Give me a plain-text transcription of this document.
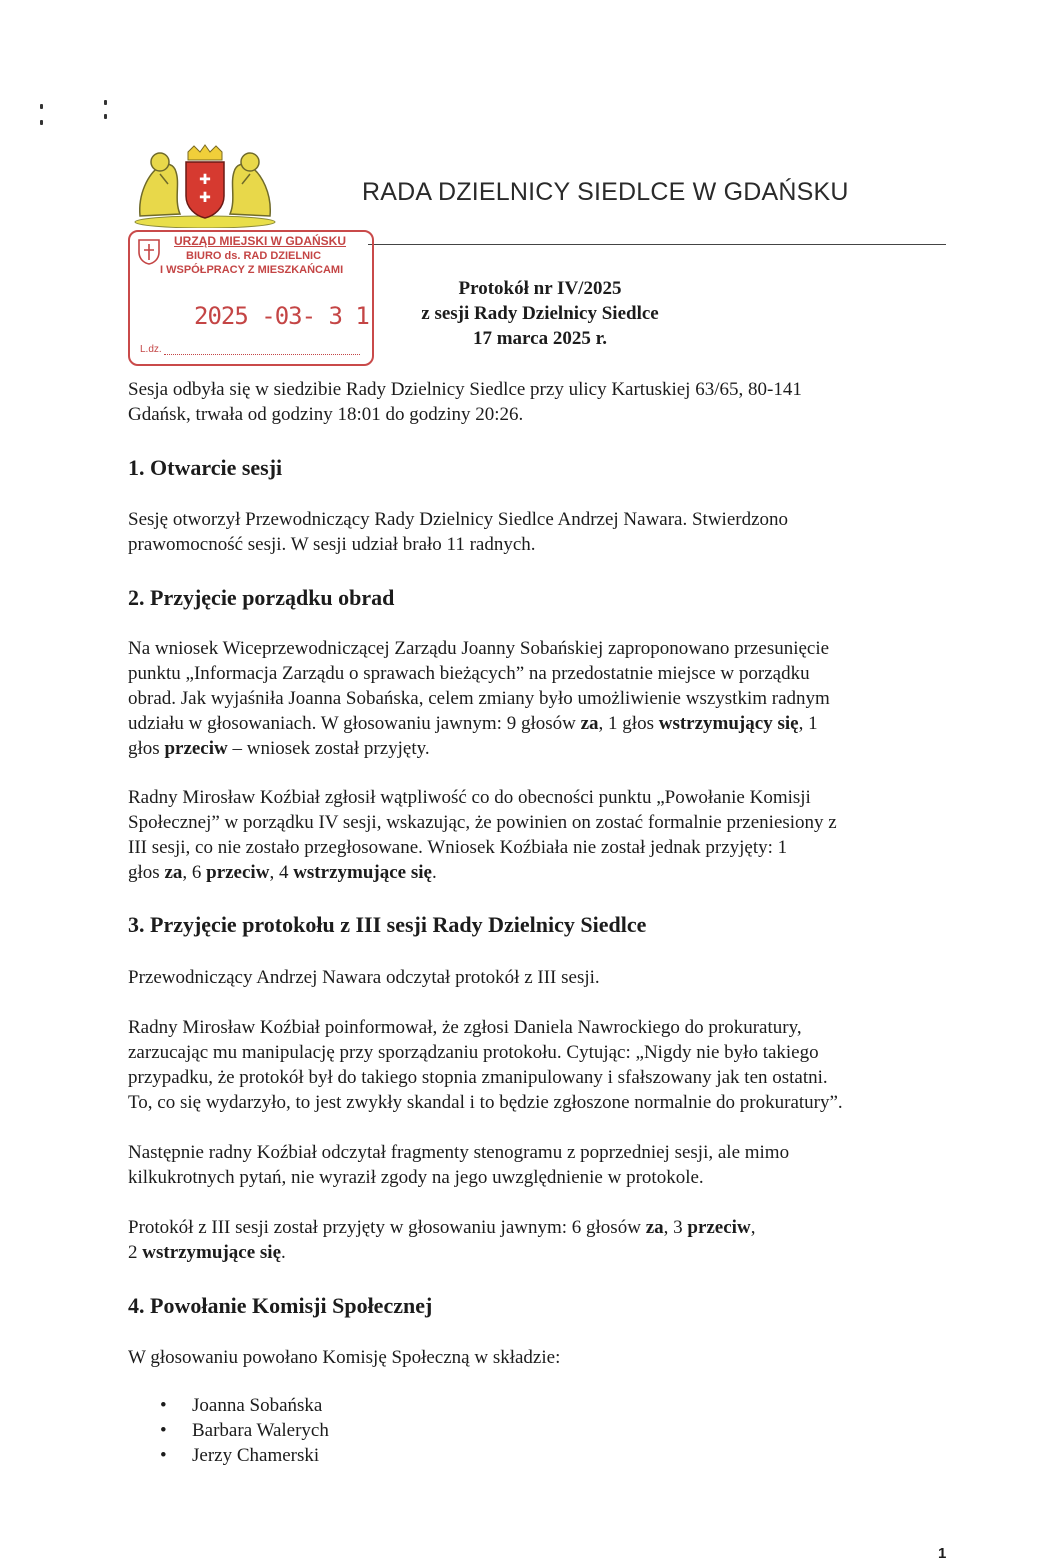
✚
✚	RADA DZIELNICY SIEDLCE W GDAŃSKU
URZĄD MIEJSKI W GDAŃSKU
BIURO ds. RAD DZIELNIC
I WSPÓŁPRACY Z MIESZKAŃCAMI
2025 -03- 3 1
L.dz.
Protokół nr IV/2025
z sesji Rady Dzielnicy Siedlce
17 marca 2025 r.
Sesja odbyła się w siedzibie Rady Dzielnicy Siedlce przy ulicy Kartuskiej 63/65, 80-141
Gdańsk, trwała od godziny 18:01 do godziny 20:26.
1. Otwarcie sesji
Sesję otworzył Przewodniczący Rady Dzielnicy Siedlce Andrzej Nawara. Stwierdzono
prawomocność sesji. W sesji udział brało 11 radnych.
2. Przyjęcie porządku obrad
Na wniosek Wiceprzewodniczącej Zarządu Joanny Sobańskiej zaproponowano przesunięcie
punktu „Informacja Zarządu o sprawach bieżących” na przedostatnie miejsce w porządku
obrad. Jak wyjaśniła Joanna Sobańska, celem zmiany było umożliwienie wszystkim radnym
udziału w głosowaniach. W głosowaniu jawnym: 9 głosów za, 1 głos wstrzymujący się, 1
głos przeciw – wniosek został przyjęty.
Radny Mirosław Koźbiał zgłosił wątpliwość co do obecności punktu „Powołanie Komisji
Społecznej” w porządku IV sesji, wskazując, że powinien on zostać formalnie przeniesiony z
III sesji, co nie zostało przegłosowane. Wniosek Koźbiała nie został jednak przyjęty: 1
głos za, 6 przeciw, 4 wstrzymujące się.
3. Przyjęcie protokołu z III sesji Rady Dzielnicy Siedlce
Przewodniczący Andrzej Nawara odczytał protokół z III sesji.
Radny Mirosław Koźbiał poinformował, że zgłosi Daniela Nawrockiego do prokuratury,
zarzucając mu manipulację przy sporządzaniu protokołu. Cytując: „Nigdy nie było takiego
przypadku, że protokół był do takiego stopnia zmanipulowany i sfałszowany jak ten ostatni.
To, co się wydarzyło, to jest zwykły skandal i to będzie zgłoszone normalnie do prokuratury”.
Następnie radny Koźbiał odczytał fragmenty stenogramu z poprzedniej sesji, ale mimo
kilkukrotnych pytań, nie wyraził zgody na jego uwzględnienie w protokole.
Protokół z III sesji został przyjęty w głosowaniu jawnym: 6 głosów za, 3 przeciw,
2 wstrzymujące się.
4. Powołanie Komisji Społecznej
W głosowaniu powołano Komisję Społeczną w składzie:
• Joanna Sobańska
• Barbara Walerych
• Jerzy Chamerski
1
